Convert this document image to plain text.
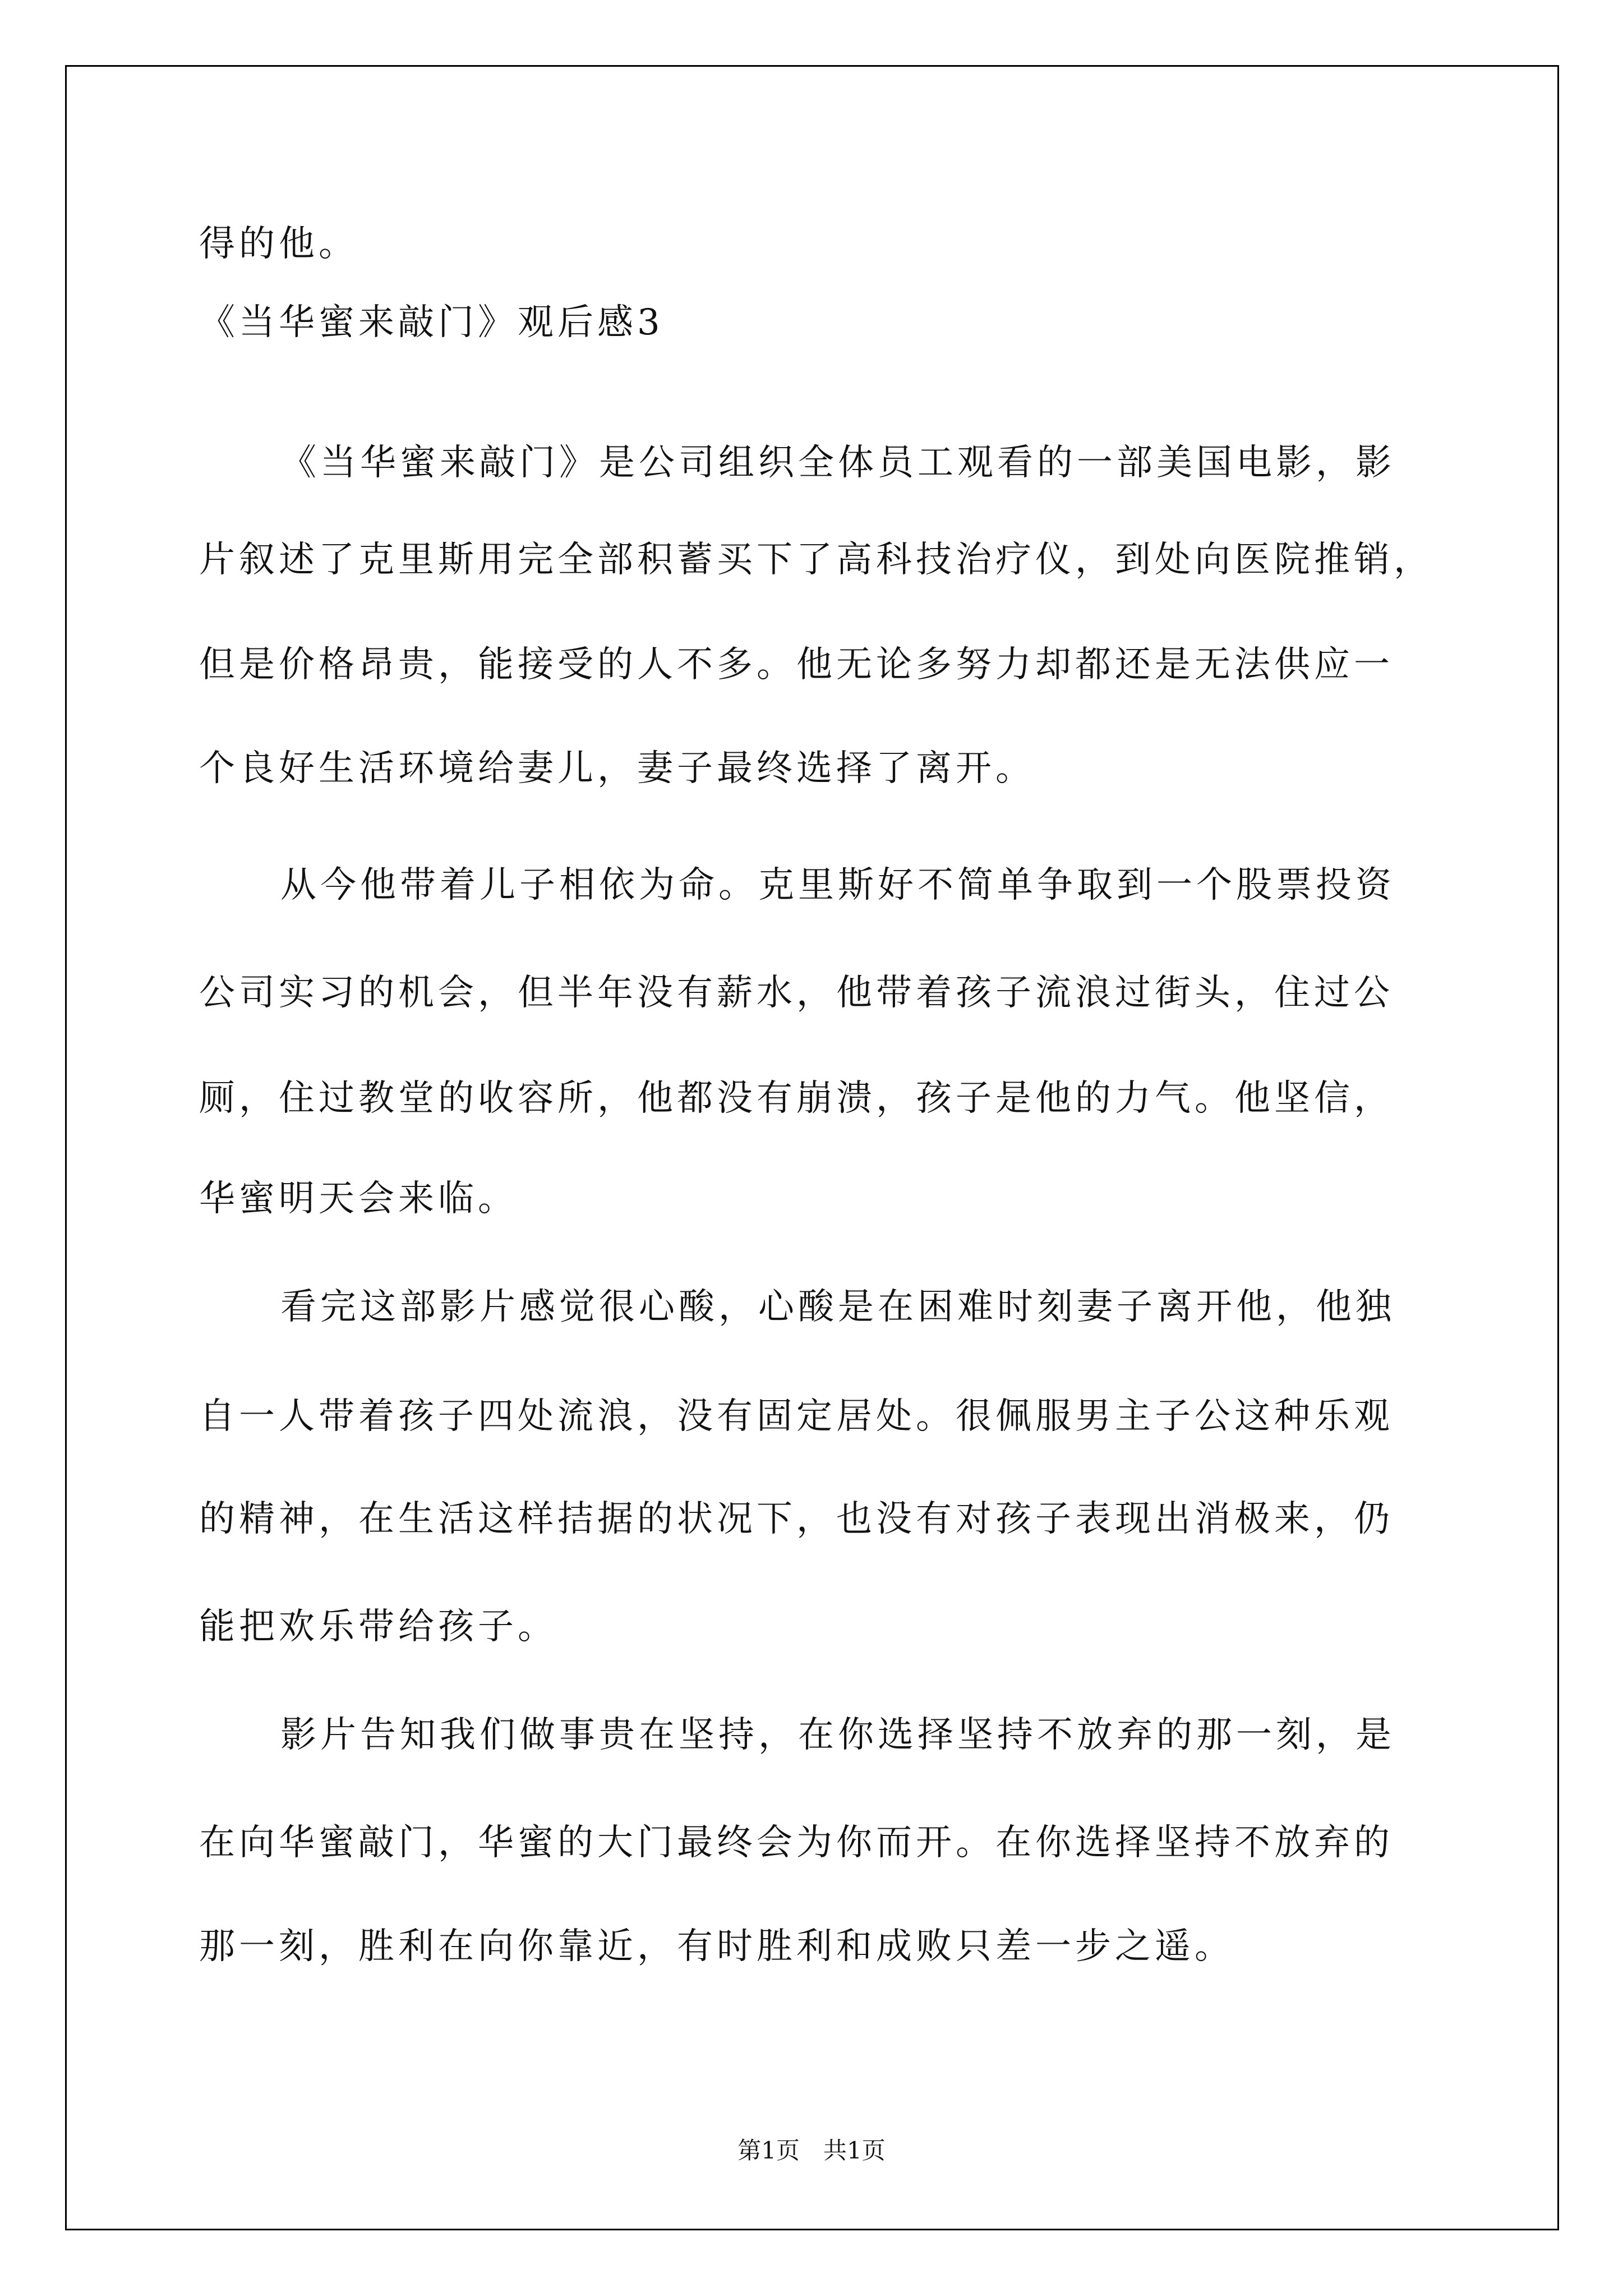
得的他。

《当华蜜来敲门》观后感3

《当华蜜来敲门》是公司组织全体员工观看的一部美国电影，影

片叙述了克里斯用完全部积蓄买下了高科技治疗仪，到处向医院推销，

但是价格昂贵，能接受的人不多。他无论多努力却都还是无法供应一

个良好生活环境给妻儿，妻子最终选择了离开。

从今他带着儿子相依为命。克里斯好不简单争取到一个股票投资

公司实习的机会，但半年没有薪水，他带着孩子流浪过街头，住过公

厕，住过教堂的收容所，他都没有崩溃，孩子是他的力气。他坚信，

华蜜明天会来临。

看完这部影片感觉很心酸，心酸是在困难时刻妻子离开他，他独

自一人带着孩子四处流浪，没有固定居处。很佩服男主子公这种乐观

的精神，在生活这样拮据的状况下，也没有对孩子表现出消极来，仍

能把欢乐带给孩子。

影片告知我们做事贵在坚持，在你选择坚持不放弃的那一刻，是

在向华蜜敲门，华蜜的大门最终会为你而开。在你选择坚持不放弃的

那一刻，胜利在向你靠近，有时胜利和成败只差一步之遥。

第1页　共1页
